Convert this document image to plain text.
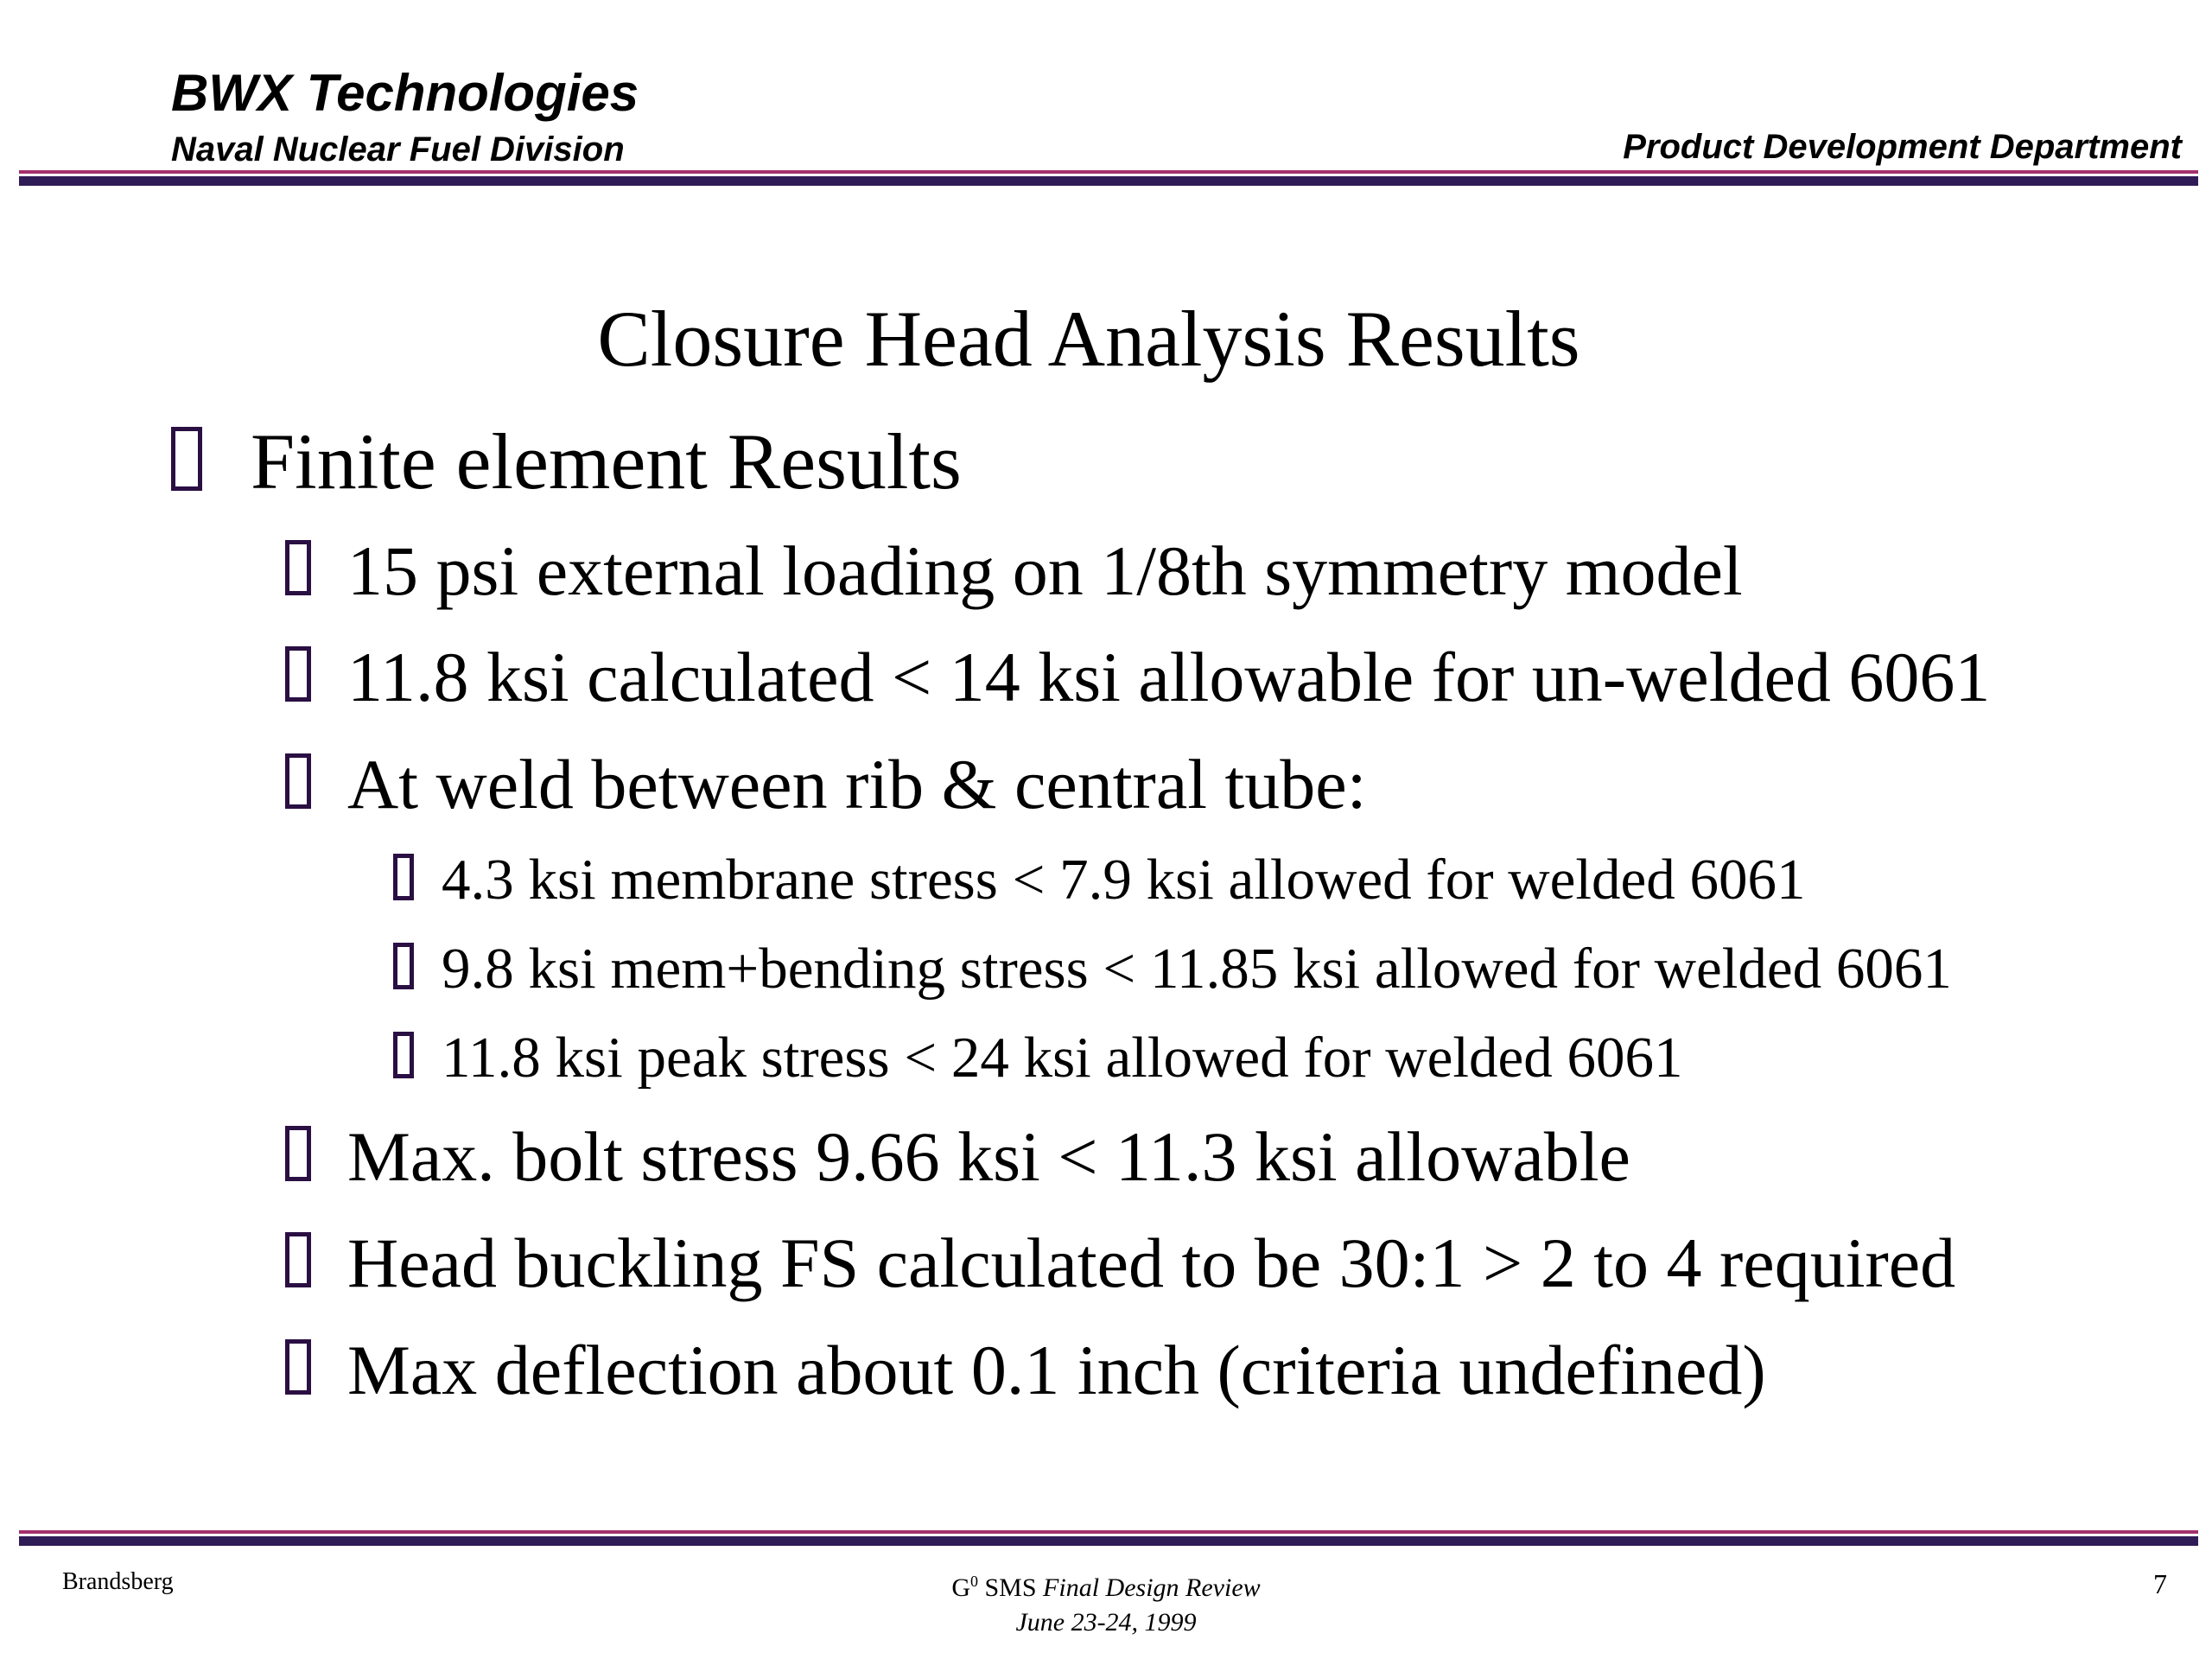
BWX Technologies
Naval Nuclear Fuel Division	Product Development Department
Closure Head Analysis Results
Finite element Results
15 psi external loading on 1/8th symmetry model
11.8 ksi calculated < 14 ksi allowable for un-welded 6061
At weld between rib & central tube:
4.3 ksi membrane stress < 7.9 ksi allowed for welded 6061
9.8 ksi mem+bending stress < 11.85 ksi allowed for welded 6061
11.8 ksi peak stress < 24 ksi allowed for welded 6061
Max. bolt stress 9.66 ksi < 11.3 ksi allowable
Head buckling FS calculated to be 30:1 > 2 to 4 required
Max deflection about 0.1 inch (criteria undefined)
Brandsberg	$G^0$ SMS Final Design Review
June 23-24, 1999
7
